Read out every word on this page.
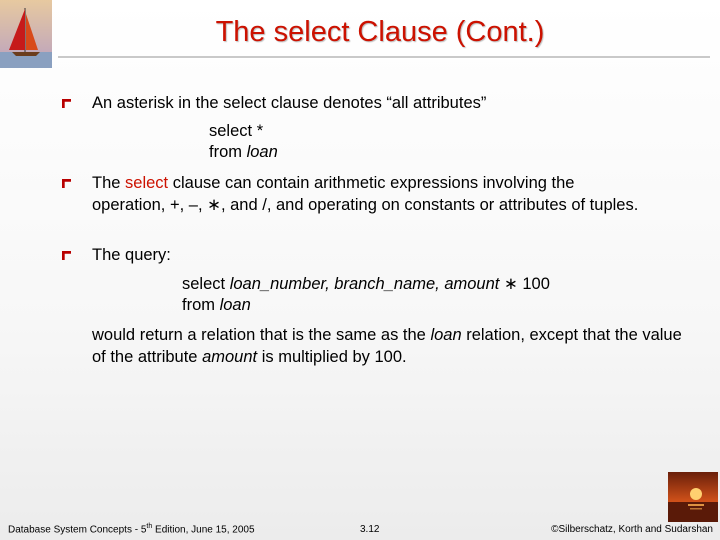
The select Clause (Cont.)
An asterisk in the select clause denotes “all attributes”
select *
from loan
The select clause can contain arithmetic expressions involving the operation, +, –, ∗, and /, and operating on constants or attributes of tuples.
The query:
select loan_number, branch_name, amount ∗ 100
from loan
would return a relation that is the same as the loan relation, except that the value of the attribute amount is multiplied by 100.
Database System Concepts - 5th Edition, June 15, 2005	3.12	©Silberschatz, Korth and Sudarshan
